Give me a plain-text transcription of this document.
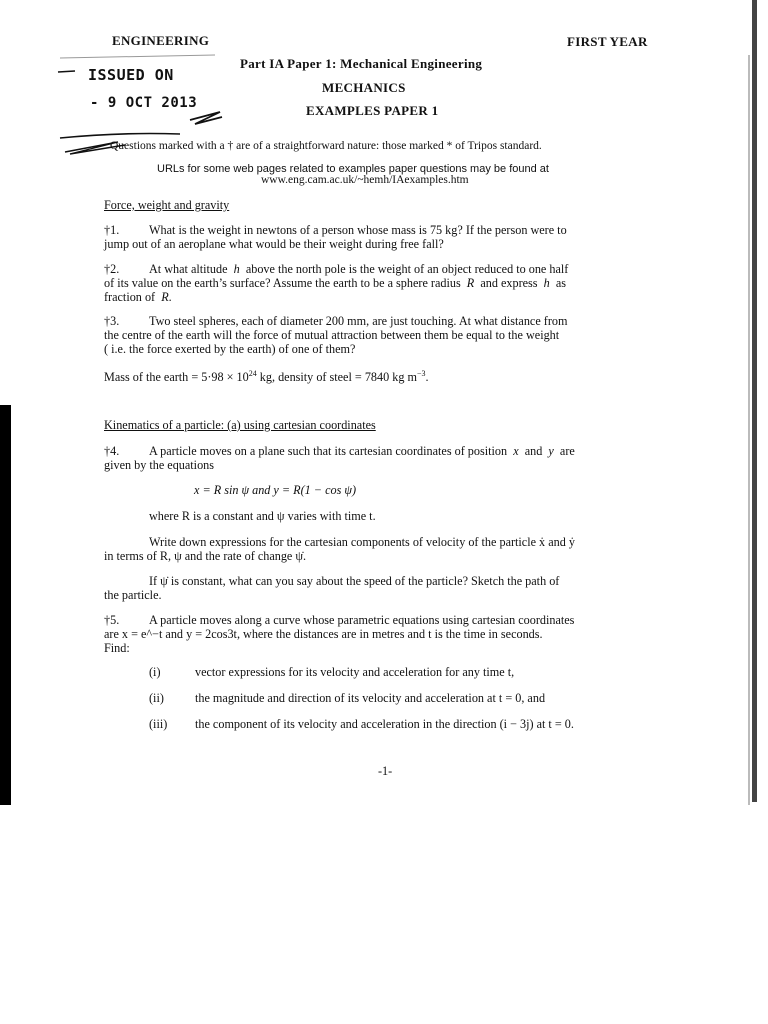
ENGINEERING	FIRST YEAR
Part IA Paper 1: Mechanical Engineering
MECHANICS
EXAMPLES PAPER 1
ISSUED ON
- 9 OCT 2013
Questions marked with a † are of a straightforward nature: those marked * of Tripos standard.
URLs for some web pages related to examples paper questions may be found at
www.eng.cam.ac.uk/~hemh/IAexamples.htm
Force, weight and gravity
†1. What is the weight in newtons of a person whose mass is 75 kg? If the person were to
jump out of an aeroplane what would be their weight during free fall?
†2. At what altitude h above the north pole is the weight of an object reduced to one half
of its value on the earth’s surface? Assume the earth to be a sphere radius R and express h as
fraction of R.
†3. Two steel spheres, each of diameter 200 mm, are just touching. At what distance from
the centre of the earth will the force of mutual attraction between them be equal to the weight
( i.e. the force exerted by the earth) of one of them?
Mass of the earth = $5\cdot 98 \times 10^{24}$ kg, density of steel = 7840 kg $m^{-3}$.
Kinematics of a particle: (a) using cartesian coordinates
†4. A particle moves on a plane such that its cartesian coordinates of position x and y are
given by the equations
x = R sin ψ and y = R(1 − cos ψ)
where R is a constant and ψ varies with time t.
Write down expressions for the cartesian components of velocity of the particle ẋ and ẏ
in terms of R, ψ and the rate of change ψ̇.
If ψ̇ is constant, what can you say about the speed of the particle? Sketch the path of
the particle.
†5. A particle moves along a curve whose parametric equations using cartesian coordinates
are x = e^−t and y = 2cos3t, where the distances are in metres and t is the time in seconds.
Find:
(i)	vector expressions for its velocity and acceleration for any time t,
(ii)	the magnitude and direction of its velocity and acceleration at t = 0, and
(iii) the component of its velocity and acceleration in the direction (i − 3j) at t = 0.
-1-
